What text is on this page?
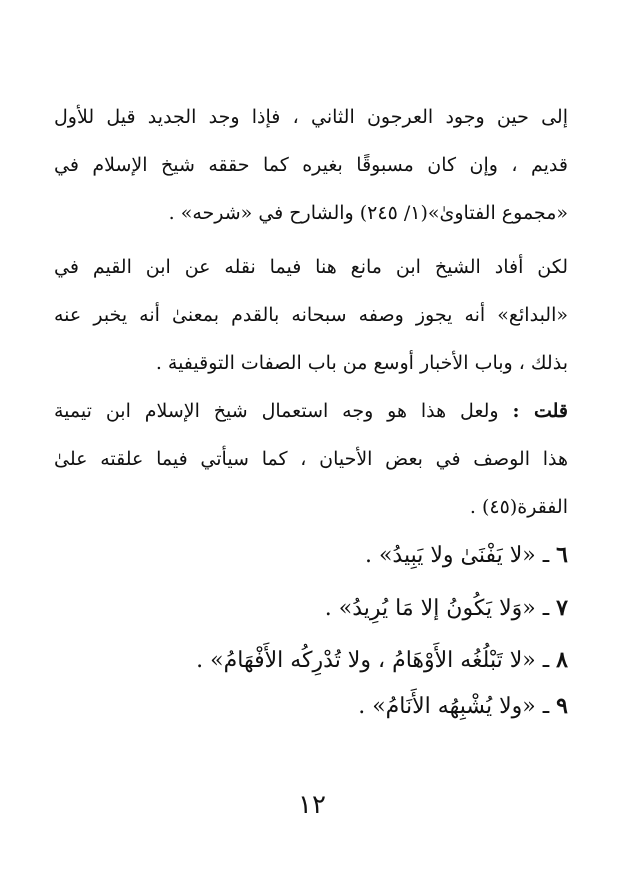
إلى حين وجود العرجون الثاني ، فإذا وجد الجديد قيل للأول
قديم ، وإن كان مسبوقًا بغيره كما حققه شيخ الإسلام في
«مجموع الفتاوىٰ»(١/ ٢٤٥) والشارح في «شرحه» .
لكن أفاد الشيخ ابن مانع هنا فيما نقله عن ابن القيم في
«البدائع» أنه يجوز وصفه سبحانه بالقدم بمعنىٰ أنه يخبر عنه
بذلك ، وباب الأخبار أوسع من باب الصفات التوقيفية .
قلت : ولعل هذا هو وجه استعمال شيخ الإسلام ابن تيمية
هذا الوصف في بعض الأحيان ، كما سيأتي فيما علقته علىٰ
الفقرة(٤٥) .
٦ ـ «لا يَفْنَىٰ ولا يَبِيدُ» .
٧ ـ «وَلا يَكُونُ إلا مَا يُرِيدُ» .
٨ ـ «لا تَبْلُغُه الأَوْهَامُ ، ولا تُدْرِكُه الأَفْهَامُ» .
٩ ـ «ولا يُشْبِهُه الأَنَامُ» .
١٢
